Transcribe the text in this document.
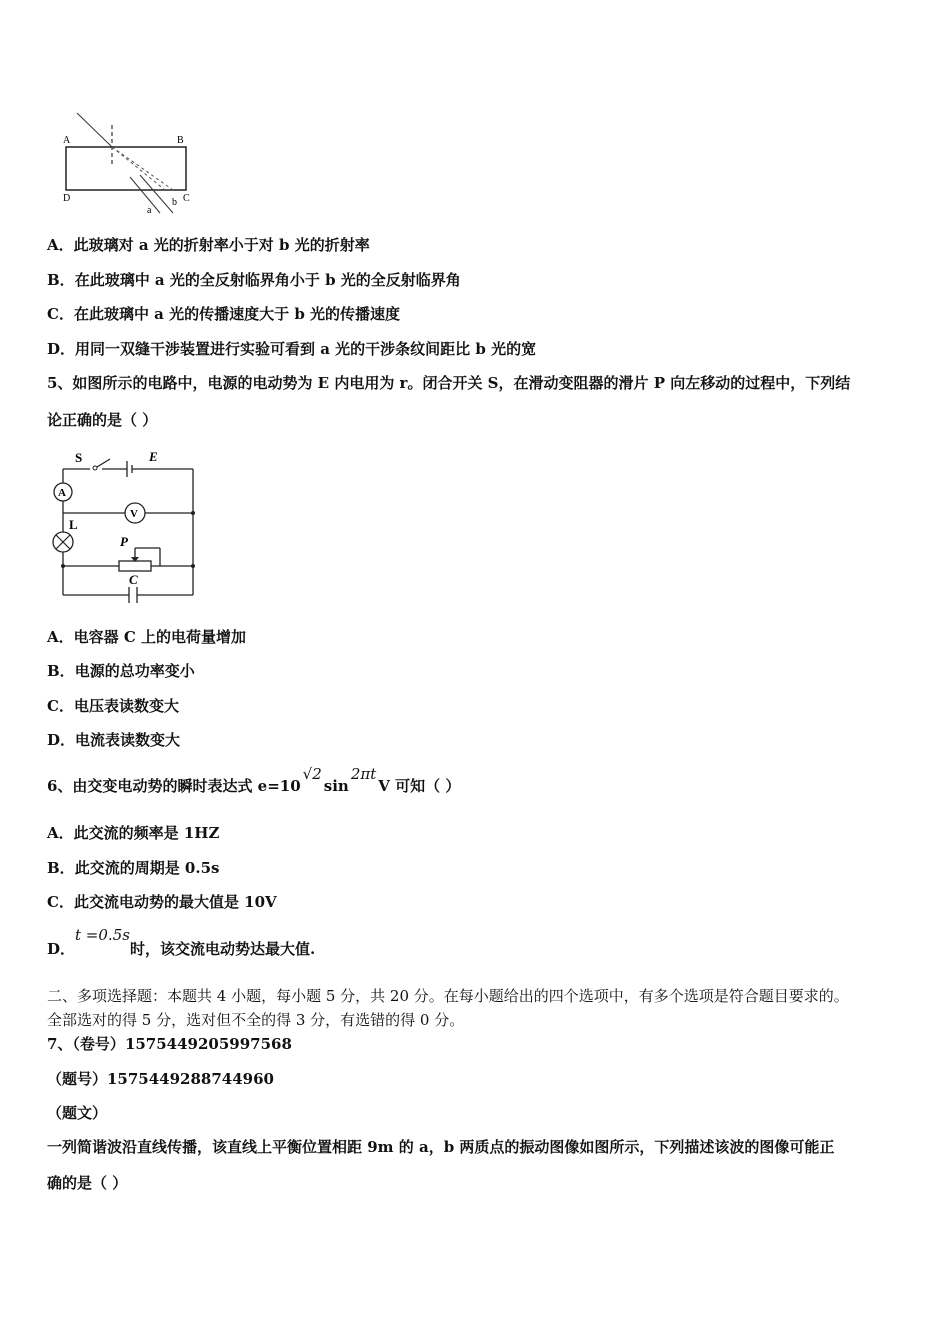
A	B
C
D
a
b
A．此玻璃对 a 光的折射率小于对 b 光的折射率
B．在此玻璃中 a 光的全反射临界角小于 b 光的全反射临界角
C．在此玻璃中 a 光的传播速度大于 b 光的传播速度
D．用同一双缝干涉装置进行实验可看到 a 光的干涉条纹间距比 b 光的宽
5、如图所示的电路中，电源的电动势为 E 内电用为 r。闭合开关 S，在滑动变阻器的滑片 P 向左移动的过程中，下列结
论正确的是（ ）
S	E
A
V
L
P
C
A．电容器 C 上的电荷量增加
B．电源的总功率变小
C．电压表读数变大
D．电流表读数变大
6、由交变电动势的瞬时表达式 e=10√2sin2πtV 可知（ ）
A．此交流的频率是 1HZ
B．此交流的周期是 0.5s
C．此交流电动势的最大值是 10V
D．t =0.5s时，该交流电动势达最大值.
二、多项选择题：本题共 4 小题，每小题 5 分，共 20 分。在每小题给出的四个选项中，有多个选项是符合题目要求的。
全部选对的得 5 分，选对但不全的得 3 分，有选错的得 0 分。
7、（卷号）1575449205997568
（题号）1575449288744960
（题文）
一列简谐波沿直线传播，该直线上平衡位置相距 9m 的 a，b 两质点的振动图像如图所示，下列描述该波的图像可能正
确的是（ ）
